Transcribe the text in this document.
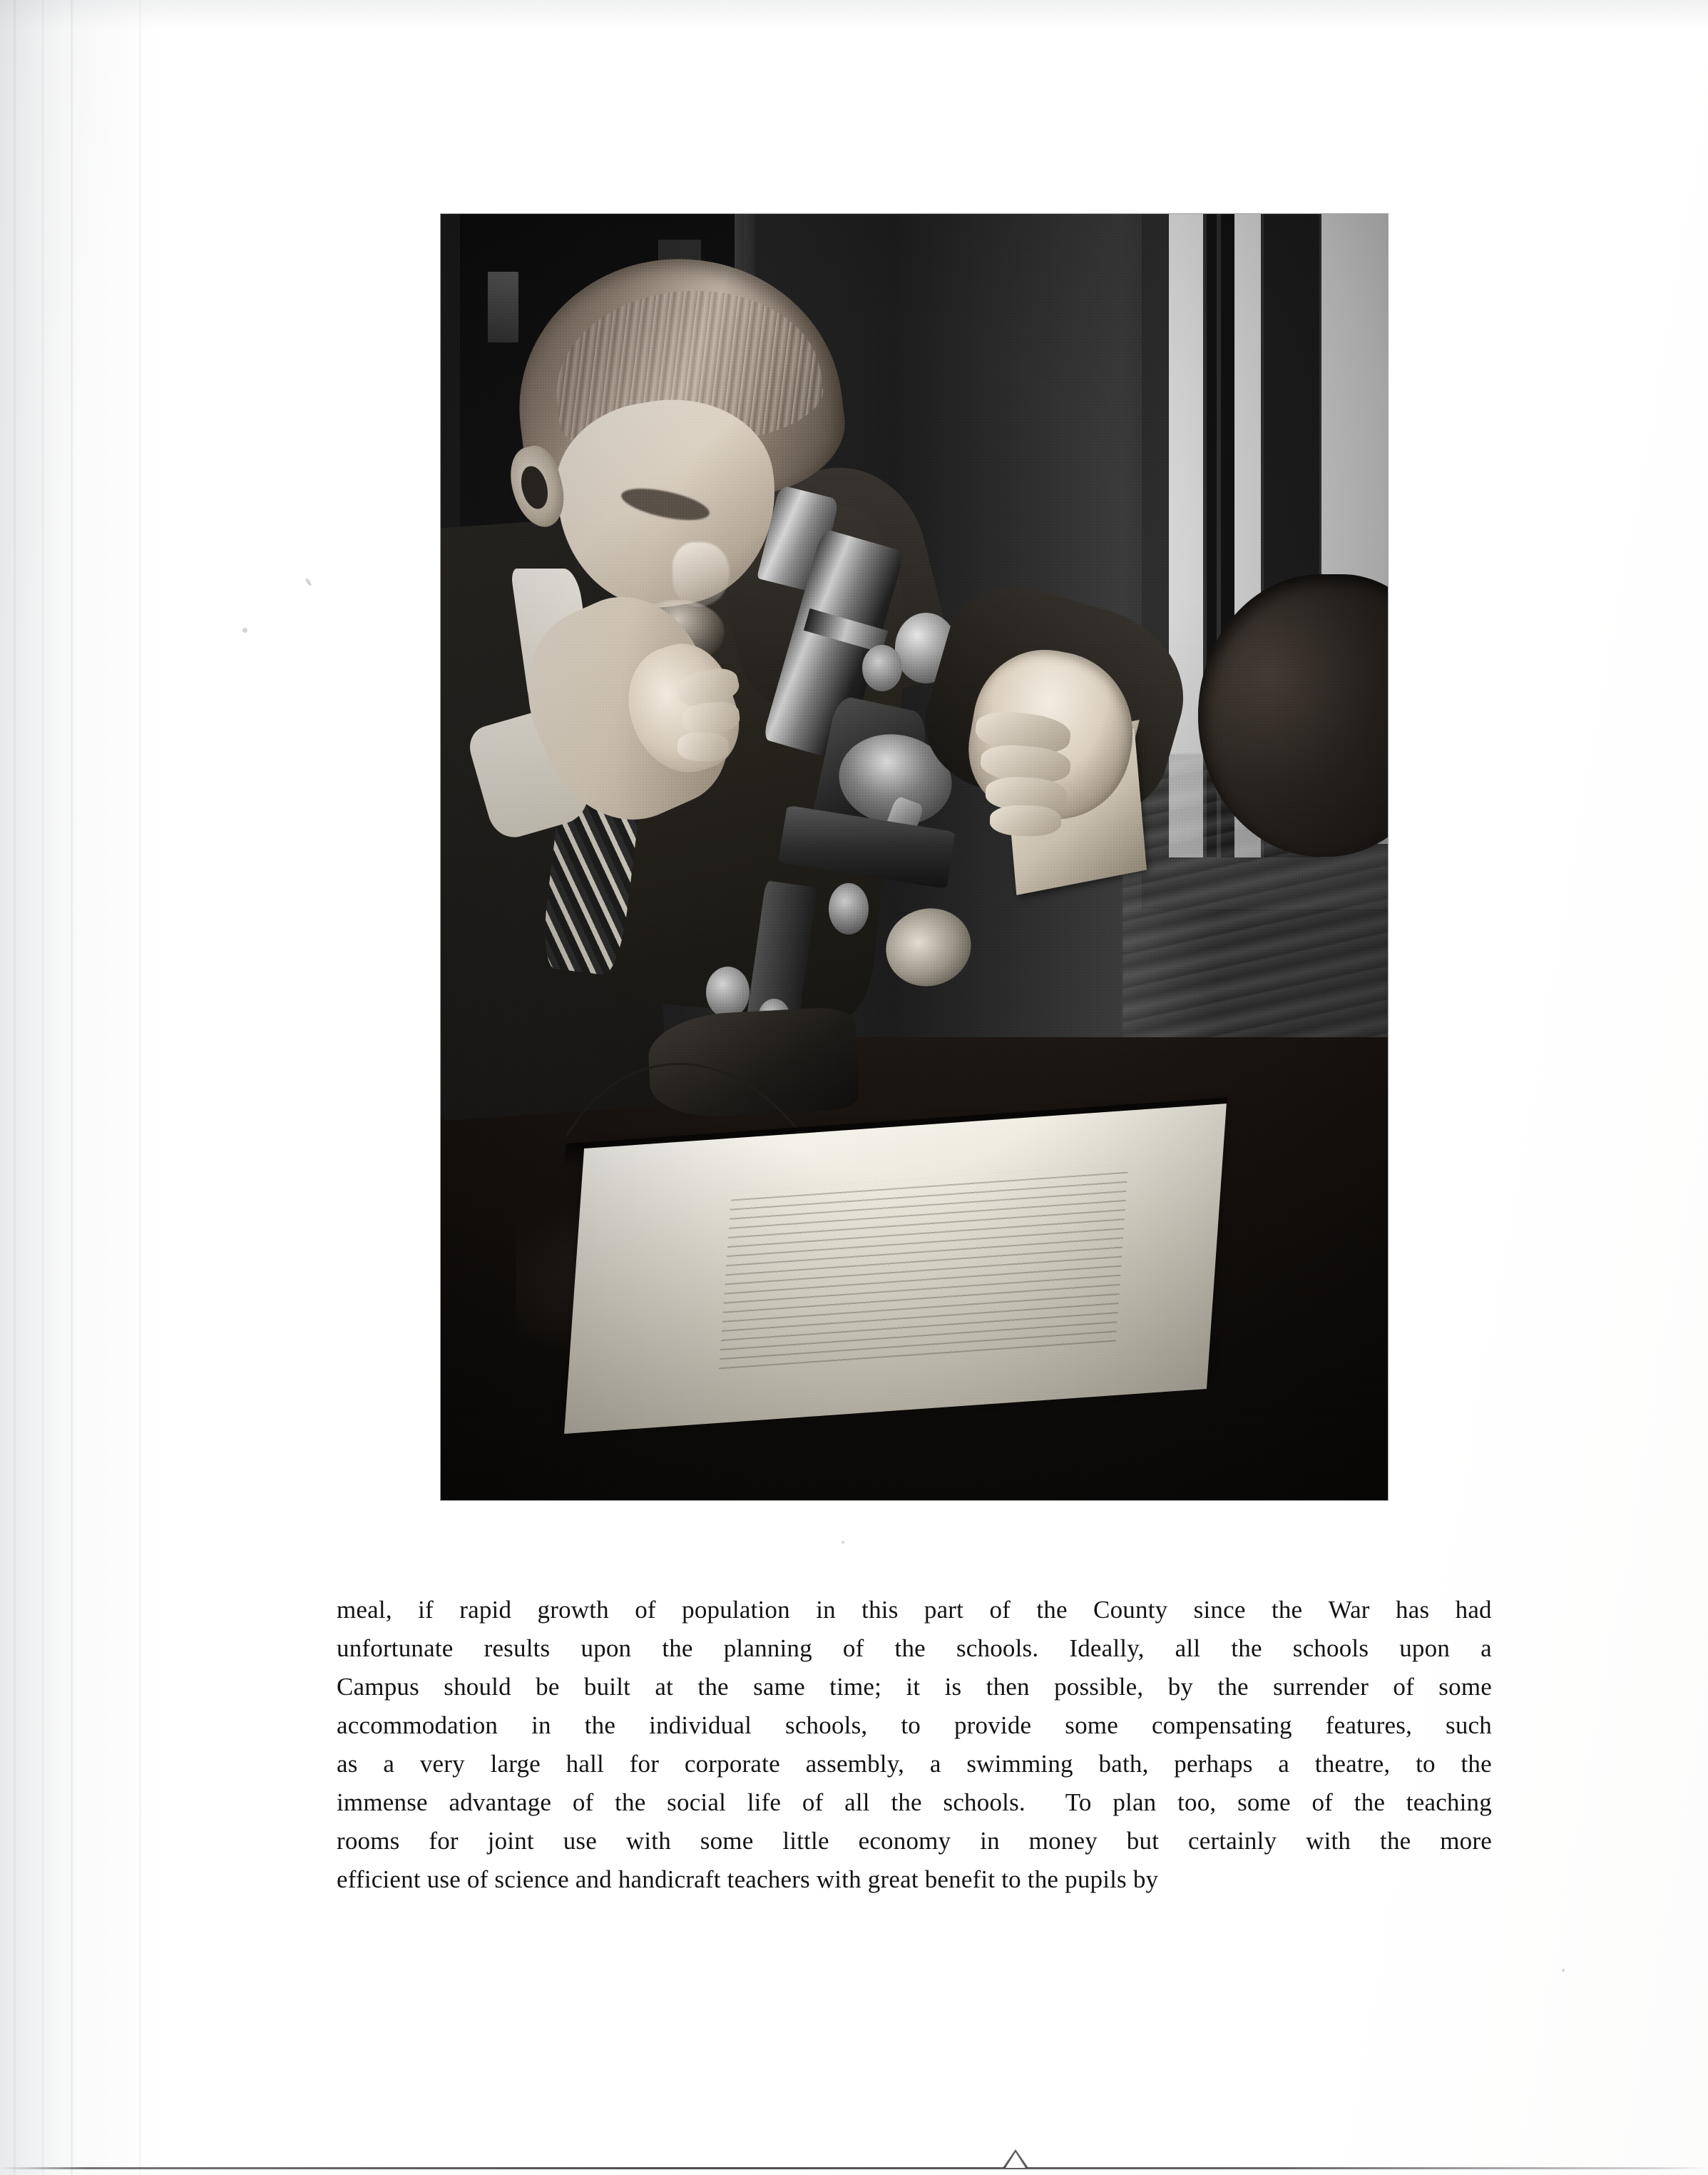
meal, if rapid growth of population in this part of the County since the War has had
unfortunate results upon the planning of the schools. Ideally, all the schools upon a
Campus should be built at the same time; it is then possible, by the surrender of some
accommodation in the individual schools, to provide some compensating features, such
as a very large hall for corporate assembly, a swimming bath, perhaps a theatre, to the
immense advantage of the social life of all the schools. To plan too, some of the teaching
rooms for joint use with some little economy in money but certainly with the more
efficient use of science and handicraft teachers with great benefit to the pupils by
